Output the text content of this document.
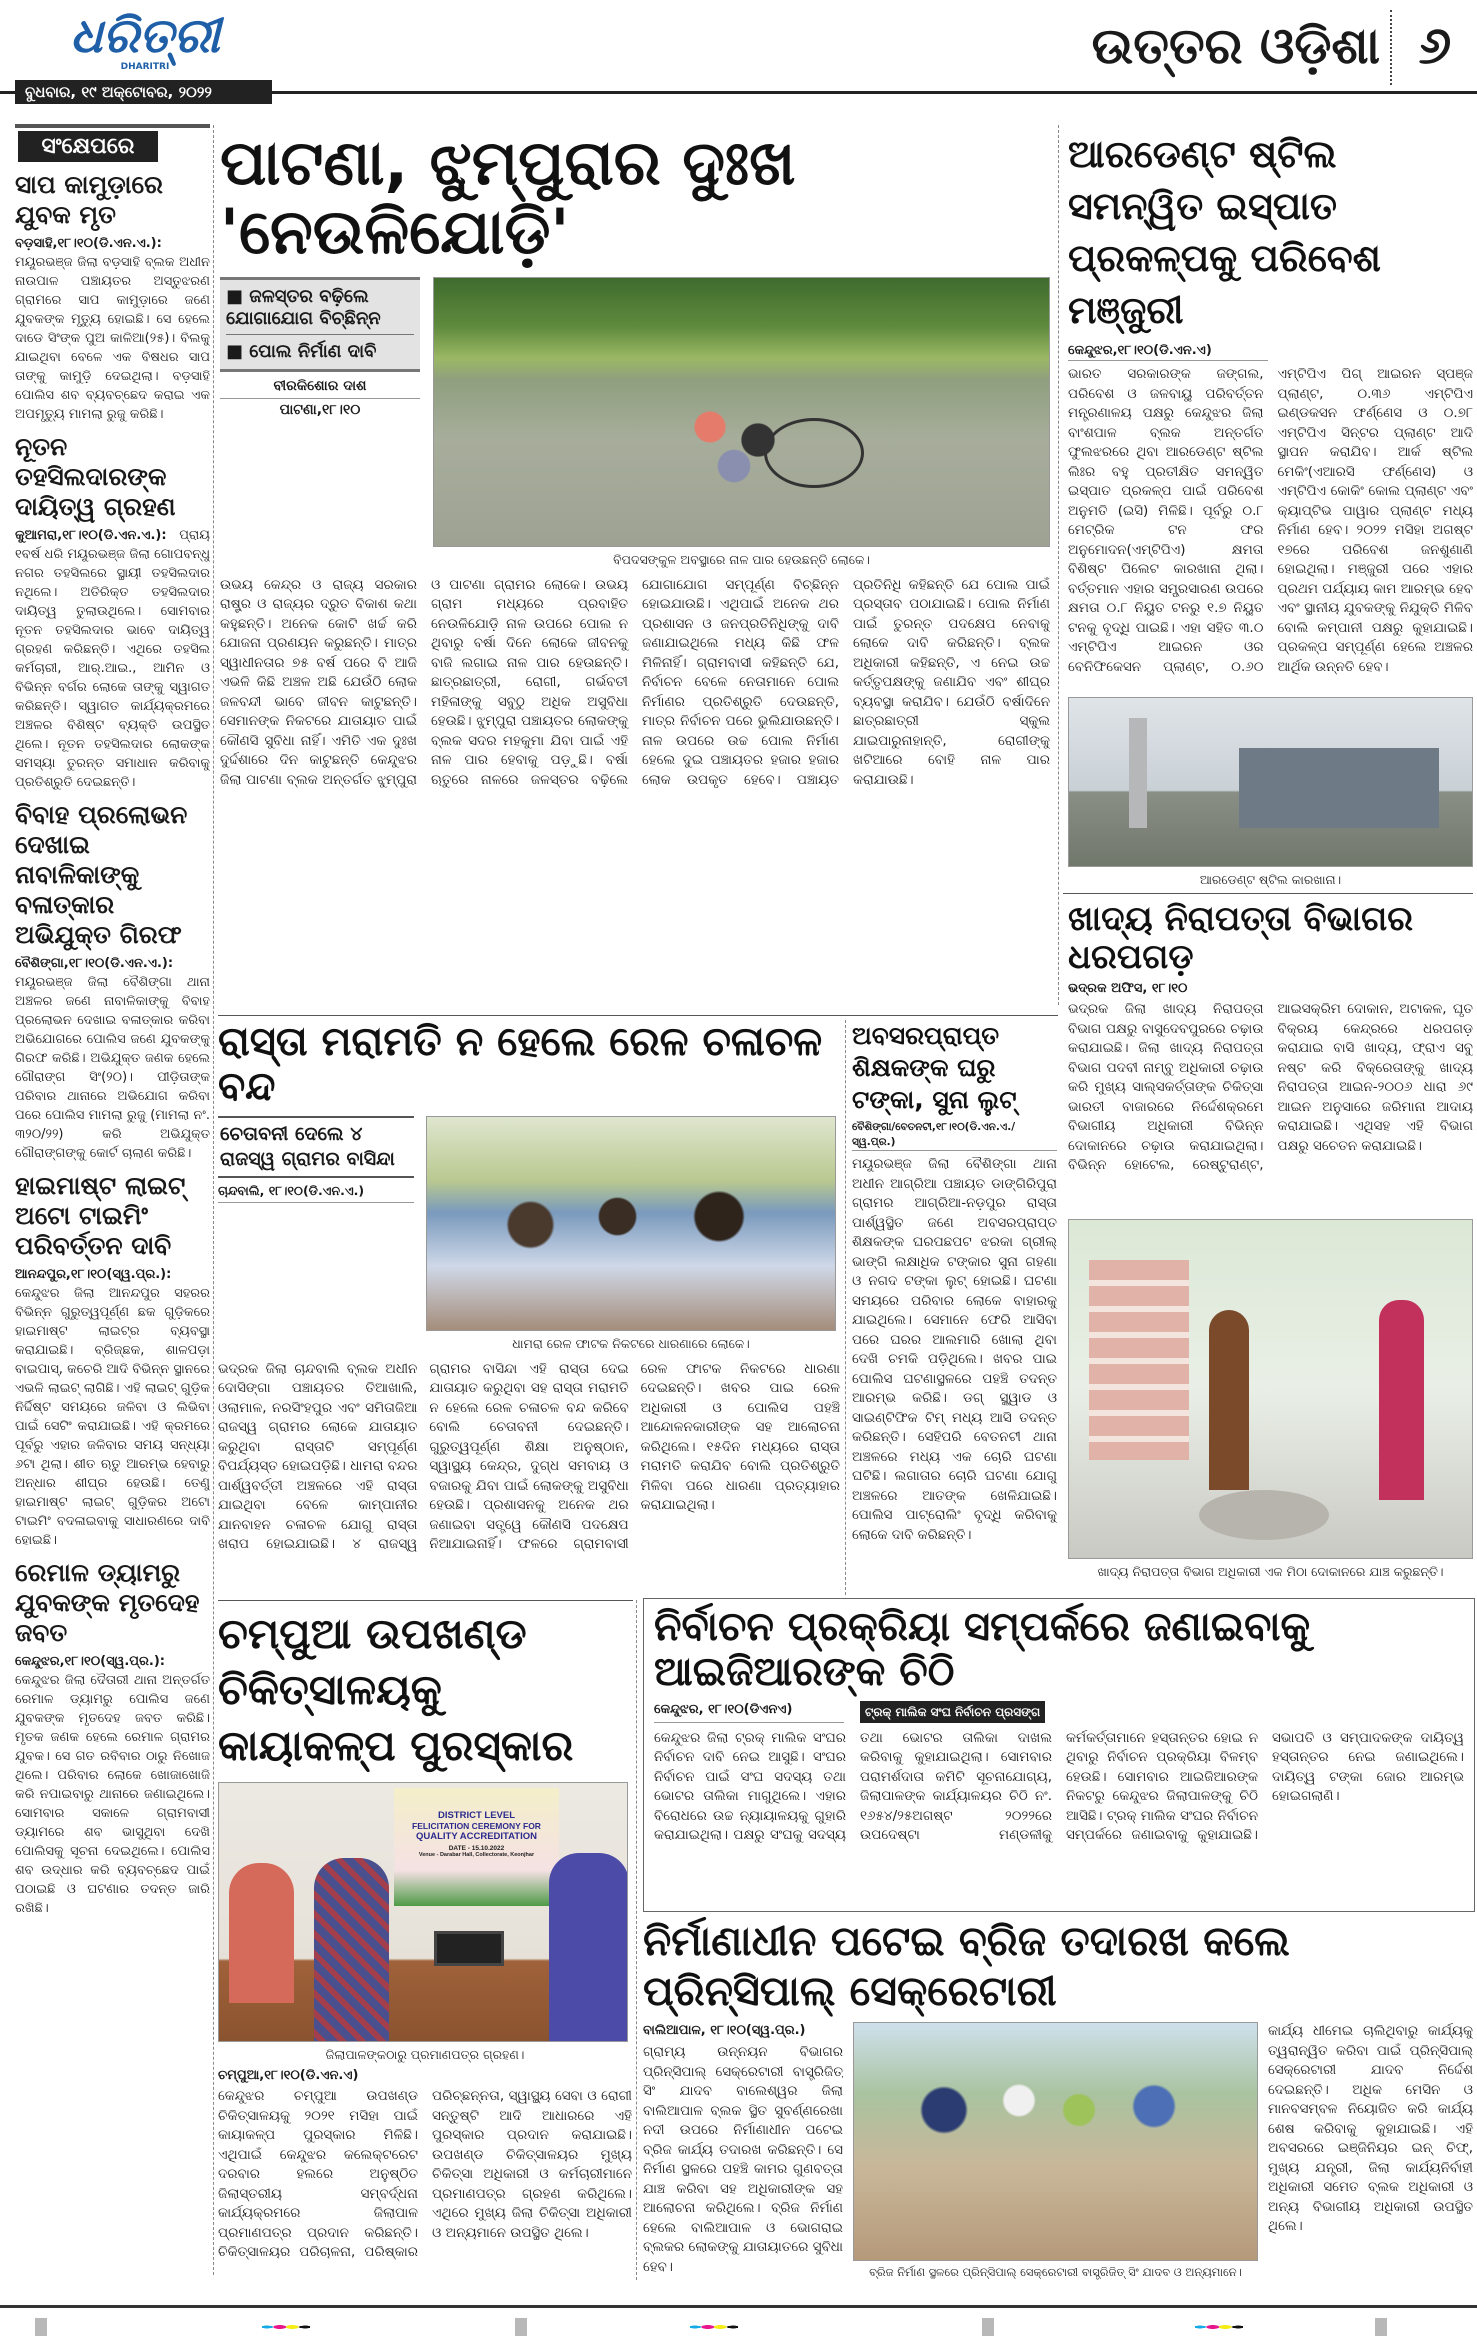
ଧରିତ୍ରୀ
DHARITRI
ବୁଧବାର, ୧୯ ଅକ୍ଟୋବର, ୨୦୨୨
ଉତ୍ତର ଓଡ଼ିଶା ୬
ସଂକ୍ଷେପରେ
ସାପ କାମୁଡ଼ାରେ ଯୁବକ ମୃତ

ବଡ଼ସାହି,୧୮।୧୦(ଡି.ଏନ.ଏ.): ମୟୂରଭଞ୍ଜ ଜିଲା ବଡ଼ସାହି ବ୍ଲକ ଅଧୀନ ନାଉପାଳ ପଞ୍ଚାୟତର ଅସ୍ତୁଝରଣ ଗ୍ରାମରେ ସାପ କାମୁଡ଼ାରେ ଜଣେ ଯୁବକଙ୍କ ମୃତ୍ୟୁ ହୋଇଛି। ସେ ହେଲେ ଦାଡେ ସିଂଙ୍କ ପୁଅ କାଳିଆ(୨୫)। ବିଲକୁ ଯାଇଥିବା ବେଳେ ଏକ ବିଷଧର ସାପ ତାଙ୍କୁ କାମୁଡ଼ି ଦେଇଥିଲା। ବଡ଼ସାହି ପୋଲିସ ଶବ ବ୍ୟବଚ୍ଛେଦ କରାଇ ଏକ ଅପମୃତ୍ୟୁ ମାମଲା ରୁଜୁ କରିଛି।

ନୂତନ ତହସିଲଦାରଙ୍କ ଦାୟିତ୍ୱ ଗ୍ରହଣ

କୁଆମରା,୧୮।୧୦(ଡି.ଏନ.ଏ.): ପ୍ରାୟ ୧ବର୍ଷ ଧରି ମୟୂରଭଞ୍ଜ ଜିଲା ଗୋପବନ୍ଧୁ ନଗର ତହସିଲରେ ସ୍ଥାୟୀ ତହସିଲଦାର ନଥିଲେ। ଅତିରିକ୍ତ ତହସିଲଦାର ଦାୟିତ୍ୱ ତୁଲାଉଥିଲେ। ସୋମବାର ନୂତନ ତହସିଲଦାର ଭାବେ ଦାୟିତ୍ୱ ଗ୍ରହଣ କରିଛନ୍ତି। ଏଥିରେ ତହସିଲ କର୍ମଚାରୀ, ଆର୍.ଆଇ., ଆମିନ ଓ ବିଭିନ୍ନ ବର୍ଗର ଲୋକେ ତାଙ୍କୁ ସ୍ୱାଗତ କରିଛନ୍ତି। ସ୍ୱାଗତ କାର୍ଯ୍ୟକ୍ରମରେ ଅଞ୍ଚଳର ବିଶିଷ୍ଟ ବ୍ୟକ୍ତି ଉପସ୍ଥିତ ଥିଲେ। ନୂତନ ତହସିଲଦାର ଲୋକଙ୍କ ସମସ୍ୟା ତୁରନ୍ତ ସମାଧାନ କରିବାକୁ ପ୍ରତିଶ୍ରୁତି ଦେଇଛନ୍ତି।

ବିବାହ ପ୍ରଲୋଭନ ଦେଖାଇ ନାବାଳିକାଙ୍କୁ ବଳାତ୍କାର ଅଭିଯୁକ୍ତ ଗିରଫ

ବୈଶିଙ୍ଗା,୧୮।୧୦(ଡି.ଏନ.ଏ.): ମୟୂରଭଞ୍ଜ ଜିଲା ବୈଶିଙ୍ଗା ଥାନା ଅଞ୍ଚଳର ଜଣେ ନାବାଳିକାଙ୍କୁ ବିବାହ ପ୍ରଲୋଭନ ଦେଖାଇ ବଳାତ୍କାର କରିବା ଅଭିଯୋଗରେ ପୋଲିସ ଜଣେ ଯୁବକଙ୍କୁ ଗିରଫ କରିଛି। ଅଭିଯୁକ୍ତ ଜଣକ ହେଲେ ଗୌରାଙ୍ଗ ସିଂ(୨୦)। ପୀଡ଼ିତାଙ୍କ ପରିବାର ଥାନାରେ ଅଭିଯୋଗ କରିବା ପରେ ପୋଲିସ ମାମଲା ରୁଜୁ (ମାମଲା ନଂ. ୩୨୦/୨୨) କରି ଅଭିଯୁକ୍ତ ଗୌରାଙ୍ଗଙ୍କୁ କୋର୍ଟ ଚାଲାଣ କରିଛି।

ହାଇମାଷ୍ଟ ଲାଇଟ୍ ଅଟୋ ଟାଇମିଂ ପରିବର୍ତ୍ତନ ଦାବି

ଆନନ୍ଦପୁର,୧୮।୧୦(ସ୍ୱ.ପ୍ର.): କେନ୍ଦୁଝର ଜିଲା ଆନନ୍ଦପୁର ସହରର ବିଭିନ୍ନ ଗୁରୁତ୍ୱପୂର୍ଣ୍ଣ ଛକ ଗୁଡ଼ିକରେ ହାଇମାଷ୍ଟ ଲାଇଟ୍‌ର ବ୍ୟବସ୍ଥା କରାଯାଇଛି। ବ୍ରିଜ୍‌ଛକ, ଶାଳପଡ଼ା ବାଇପାସ୍, କଚେରି ଆଦି ବିଭିନ୍ନ ସ୍ଥାନରେ ଏଭଳି ଲାଇଟ୍ ଲାଗିଛି। ଏହି ଲାଇଟ୍ ଗୁଡ଼ିକ ନିର୍ଦ୍ଦିଷ୍ଟ ସମୟରେ ଜଳିବା ଓ ଲିଭିବା ପାଇଁ ସେଟିଂ କରାଯାଇଛି। ଏହି କ୍ରମରେ ପୂର୍ବରୁ ଏହାର ଜଳିବାର ସମୟ ସନ୍ଧ୍ୟା ୬ଟା ଥିଲା। ଶୀତ ଋତୁ ଆରମ୍ଭ ହେବାରୁ ଅନ୍ଧାର ଶୀଘ୍ର ହେଉଛି। ତେଣୁ ହାଇମାଷ୍ଟ ଲାଇଟ୍ ଗୁଡ଼ିକର ଅଟୋ ଟାଇମିଂ ବଦଳାଇବାକୁ ସାଧାରଣରେ ଦାବି ହୋଇଛି।

ରେମାଳ ଡ୍ୟାମରୁ ଯୁବକଙ୍କ ମୃତଦେହ ଜବତ

କେନ୍ଦୁଝର,୧୮।୧୦(ସ୍ୱ.ପ୍ର.): କେନ୍ଦୁଝର ଜିଲା ଦୈତାରୀ ଥାନା ଅନ୍ତର୍ଗତ ରେମାଳ ଡ୍ୟାମରୁ ପୋଲିସ ଜଣେ ଯୁବକଙ୍କ ମୃତଦେହ ଜବତ କରିଛି। ମୃତକ ଜଣକ ହେଲେ ରେମାଳ ଗ୍ରାମର ଯୁବକ। ସେ ଗତ ରବିବାର ଠାରୁ ନିଖୋଜ ଥିଲେ। ପରିବାର ଲୋକେ ଖୋଜାଖୋଜି କରି ନପାଇବାରୁ ଥାନାରେ ଜଣାଇଥିଲେ। ସୋମବାର ସକାଳେ ଗ୍ରାମବାସୀ ଡ୍ୟାମରେ ଶବ ଭାସୁଥିବା ଦେଖି ପୋଲିସକୁ ସୂଚନା ଦେଇଥିଲେ। ପୋଲିସ ଶବ ଉଦ୍ଧାର କରି ବ୍ୟବଚ୍ଛେଦ ପାଇଁ ପଠାଇଛି ଓ ଘଟଣାର ତଦନ୍ତ ଜାରି ରଖିଛି।

ପାଟଣା, ଝୁମ୍ପୁରାର ଦୁଃଖ 'ନେଉଳିଯୋଡ଼ି'
■ ଜଳସ୍ତର ବଢ଼ିଲେ ଯୋଗାଯୋଗ ବିଚ୍ଛିନ୍ନ
■ ପୋଲ ନିର୍ମାଣ ଦାବି
ବୀରକିଶୋର ଦାଶ
ପାଟଣା,୧୮।୧୦
ବିପଦସଙ୍କୁଳ ଅବସ୍ଥାରେ ନାଳ ପାର ହେଉଛନ୍ତି ଲୋକେ।
ଉଭୟ କେନ୍ଦ୍ର ଓ ରାଜ୍ୟ ସରକାର ରାଷ୍ଟ୍ର ଓ ରାଜ୍ୟର ଦ୍ରୁତ ବିକାଶ କଥା କହୁଛନ୍ତି। ଅନେକ କୋଟି ଖର୍ଚ୍ଚ କରି ଯୋଜନା ପ୍ରଣୟନ କରୁଛନ୍ତି। ମାତ୍ର ସ୍ୱାଧୀନତାର ୭୫ ବର୍ଷ ପରେ ବି ଆଜି ଏଭଳି କିଛି ଅଞ୍ଚଳ ଅଛି ଯେଉଁଠି ଲୋକ ଜଳବନ୍ଦୀ ଭାବେ ଜୀବନ କାଟୁଛନ୍ତି। ସେମାନଙ୍କ ନିକଟରେ ଯାତାୟାତ ପାଇଁ କୌଣସି ସୁବିଧା ନାହିଁ। ଏମିତି ଏକ ଦୁଃଖ ଦୁର୍ଦ୍ଦଶାରେ ଦିନ କାଟୁଛନ୍ତି କେନ୍ଦୁଝର ଜିଲା ପାଟଣା ବ୍ଲକ ଅନ୍ତର୍ଗତ ଝୁମ୍ପୁରା ଓ ପାଟଣା ଗ୍ରାମର ଲୋକେ। ଉଭୟ ଗ୍ରାମ ମଧ୍ୟରେ ପ୍ରବାହିତ ନେଉଳିଯୋଡ଼ି ନାଳ ଉପରେ ପୋଲ ନ ଥିବାରୁ ବର୍ଷା ଦିନେ ଲୋକେ ଜୀବନକୁ ବାଜି ଲଗାଇ ନାଳ ପାର ହେଉଛନ୍ତି। ଛାତ୍ରଛାତ୍ରୀ, ରୋଗୀ, ଗର୍ଭବତୀ ମହିଳାଙ୍କୁ ସବୁଠୁ ଅଧିକ ଅସୁବିଧା ହେଉଛି। ଝୁମ୍ପୁରା ପଞ୍ଚାୟତର ଲୋକଙ୍କୁ ବ୍ଲକ ସଦର ମହକୁମା ଯିବା ପାଇଁ ଏହି ନାଳ ପାର ହେବାକୁ ପଡ଼ୁଛି। ବର୍ଷା ଋତୁରେ ନାଳରେ ଜଳସ୍ତର ବଢ଼ିଲେ ଯୋଗାଯୋଗ ସମ୍ପୂର୍ଣ୍ଣ ବିଚ୍ଛିନ୍ନ ହୋଇଯାଉଛି। ଏଥିପାଇଁ ଅନେକ ଥର ପ୍ରଶାସନ ଓ ଜନପ୍ରତିନିଧିଙ୍କୁ ଦାବି ଜଣାଯାଇଥିଲେ ମଧ୍ୟ କିଛି ଫଳ ମିଳିନାହିଁ। ଗ୍ରାମବାସୀ କହିଛନ୍ତି ଯେ, ନିର୍ବାଚନ ବେଳେ ନେତାମାନେ ପୋଲ ନିର୍ମାଣର ପ୍ରତିଶ୍ରୁତି ଦେଉଛନ୍ତି, ମାତ୍ର ନିର୍ବାଚନ ପରେ ଭୁଲିଯାଉଛନ୍ତି। ନାଳ ଉପରେ ଉଚ୍ଚ ପୋଲ ନିର୍ମାଣ ହେଲେ ଦୁଇ ପଞ୍ଚାୟତର ହଜାର ହଜାର ଲୋକ ଉପକୃତ ହେବେ। ପଞ୍ଚାୟତ ପ୍ରତିନିଧି କହିଛନ୍ତି ଯେ ପୋଲ ପାଇଁ ପ୍ରସ୍ତାବ ପଠାଯାଇଛି। ପୋଲ ନିର୍ମାଣ ପାଇଁ ତୁରନ୍ତ ପଦକ୍ଷେପ ନେବାକୁ ଲୋକେ ଦାବି କରିଛନ୍ତି। ବ୍ଲକ ଅଧିକାରୀ କହିଛନ୍ତି, ଏ ନେଇ ଉଚ୍ଚ କର୍ତ୍ତୃପକ୍ଷଙ୍କୁ ଜଣାଯିବ ଏବଂ ଶୀଘ୍ର ବ୍ୟବସ୍ଥା କରାଯିବ। ଯେଉଁଠି ବର୍ଷାଦିନେ ଛାତ୍ରଛାତ୍ରୀ ସ୍କୁଲ ଯାଇପାରୁନାହାନ୍ତି, ରୋଗୀଙ୍କୁ ଖଟିଆରେ ବୋହି ନାଳ ପାର କରାଯାଉଛି।
ଆରଡେଣ୍ଟ ଷ୍ଟିଲ ସମନ୍ୱିତ ଇସ୍ପାତ ପ୍ରକଳ୍ପକୁ ପରିବେଶ ମଞ୍ଜୁରୀ
କେନ୍ଦୁଝର,୧୮।୧୦(ଡି.ଏନ.ଏ)
ଭାରତ ସରକାରଙ୍କ ଜଙ୍ଗଲ, ପରିବେଶ ଓ ଜଳବାୟୁ ପରିବର୍ତ୍ତନ ମନ୍ତ୍ରଣାଳୟ ପକ୍ଷରୁ କେନ୍ଦୁଝର ଜିଲା ବାଂଶପାଳ ବ୍ଲକ ଅନ୍ତର୍ଗତ ଫୁଲଝରରେ ଥିବା ଆରଡେଣ୍ଟ ଷ୍ଟିଲ ଲିଃର ବହୁ ପ୍ରତୀକ୍ଷିତ ସମନ୍ୱିତ ଇସ୍ପାତ ପ୍ରକଳ୍ପ ପାଇଁ ପରିବେଶ ଅନୁମତି (ଇସି) ମିଳିଛି। ପୂର୍ବରୁ ୦.୮ ମେଟ୍ରିକ ଟନ ଫର ଅନୁମୋଦନ(ଏମ୍‌ଟିପିଏ) କ୍ଷମତା ବିଶିଷ୍ଟ ପିଲେଟ କାରଖାନା ଥିଲା। ବର୍ତ୍ତମାନ ଏହାର ସମ୍ପ୍ରସାରଣ ଉପରେ କ୍ଷମତା ୦.୮ ନିୟୁତ ଟନରୁ ୧.୭ ନିୟୁତ ଟନକୁ ବୃଦ୍ଧି ପାଇଛି। ଏହା ସହିତ ୩.୦ ଏମ୍‌ଟିପିଏ ଆଇରନ ଓର ବେନିଫିକେସନ ପ୍ଲାଣ୍ଟ, ୦.୬୦ ଏମ୍‌ଟିପିଏ ପିଗ୍ ଆଇରନ ସ୍ପଞ୍ଜ ପ୍ଲାଣ୍ଟ, ୦.୩୬ ଏମ୍‌ଟିପିଏ ଇଣ୍ଡକସନ ଫର୍ଣ୍ଣେସ ଓ ୦.୭୮ ଏମ୍‌ଟିପିଏ ସିନ୍ଟର ପ୍ଲାଣ୍ଟ ଆଦି ସ୍ଥାପନ କରାଯିବ। ଆର୍କ ଷ୍ଟିଲ ମେକିଂ(ଏଆରସି ଫର୍ଣ୍ଣେସ) ଓ ଏମ୍‌ଟିପିଏ କୋକିଂ କୋଲ ପ୍ଲାଣ୍ଟ ଏବଂ କ୍ୟାପ୍ଟିଭ ପାୱାର ପ୍ଲାଣ୍ଟ ମଧ୍ୟ ନିର୍ମାଣ ହେବ। ୨୦୨୨ ମସିହା ଅଗଷ୍ଟ ୧୭ରେ ପରିବେଶ ଜନଶୁଣାଣି ହୋଇଥିଲା। ମଞ୍ଜୁରୀ ପରେ ଏହାର ପ୍ରଥମ ପର୍ଯ୍ୟାୟ କାମ ଆରମ୍ଭ ହେବ ଏବଂ ସ୍ଥାନୀୟ ଯୁବକଙ୍କୁ ନିଯୁକ୍ତି ମିଳିବ ବୋଲି କମ୍ପାନୀ ପକ୍ଷରୁ କୁହାଯାଇଛି। ପ୍ରକଳ୍ପ ସମ୍ପୂର୍ଣ୍ଣ ହେଲେ ଅଞ୍ଚଳର ଆର୍ଥିକ ଉନ୍ନତି ହେବ।
ଆରଡେଣ୍ଟ ଷ୍ଟିଲ କାରଖାନା।
ଖାଦ୍ୟ ନିରାପତ୍ତା ବିଭାଗର ଧରପଗଡ଼
ଭଦ୍ରକ ଅଫିସ, ୧୮।୧୦
ଭଦ୍ରକ ଜିଲା ଖାଦ୍ୟ ନିରାପତ୍ତା ବିଭାଗ ପକ୍ଷରୁ ବାସୁଦେବପୁରରେ ଚଢ଼ାଉ କରାଯାଇଛି। ଜିଲା ଖାଦ୍ୟ ନିରାପତ୍ତା ବିଭାଗ ପଦବୀ ନାମ୍ବୁ ଅଧିକାରୀ ଚଢ଼ାଉ କରି ମୁଖ୍ୟ ସାଲ୍‌ସକର୍ତ୍ତାଙ୍କ ଚିକିତ୍ସା ଭାରତୀ ବାଜାରରେ ନିର୍ଦ୍ଦେଶକ୍ରମେ ବିଭାଗୀୟ ଅଧିକାରୀ ବିଭିନ୍ନ ଦୋକାନରେ ଚଢ଼ାଉ କରାଯାଇଥିଲା। ବିଭିନ୍ନ ହୋଟେଲ, ରେଷ୍ଟୁରାଣ୍ଟ, ଆଇସକ୍ରିମ ଦୋକାନ, ଅଟାକଳ, ଘୃତ ବିକ୍ରୟ କେନ୍ଦ୍ରରେ ଧରପଗଡ଼ କରାଯାଇ ବାସି ଖାଦ୍ୟ, ଫ୍ରାଏ ସବୁ ନଷ୍ଟ କରି ବିକ୍ରେତାଙ୍କୁ ଖାଦ୍ୟ ନିରାପତ୍ତା ଆଇନ-୨୦୦୬ ଧାରା ୬୯ ଆଇନ ଅନୁସାରେ ଜରିମାନା ଆଦାୟ କରାଯାଇଛି। ଏଥିସହ ଏହି ବିଭାଗ ପକ୍ଷରୁ ସଚେତନ କରାଯାଇଛି।
ଖାଦ୍ୟ ନିରାପତ୍ତା ବିଭାଗ ଅଧିକାରୀ ଏକ ମିଠା ଦୋକାନରେ ଯାଞ୍ଚ କରୁଛନ୍ତି।
ରାସ୍ତା ମରାମତି ନ ହେଲେ ରେଳ ଚଳାଚଳ ବନ୍ଦ
ଚେତାବନୀ ଦେଲେ ୪ ରାଜସ୍ୱ ଗ୍ରାମର ବାସିନ୍ଦା
ଚାନ୍ଦବାଲି, ୧୮।୧୦(ଡି.ଏନ.ଏ.)
ଧାମରା ରେଳ ଫାଟକ ନିକଟରେ ଧାରଣାରେ ଲୋକେ।
ଭଦ୍ରକ ଜିଲା ଚାନ୍ଦବାଲି ବ୍ଲକ ଅଧୀନ ଦୋସିଙ୍ଗା ପଞ୍ଚାୟତର ତିଆଖାଲି, ଓଲାମାଳ, ନରସିଂହପୁର ଏବଂ ସମିତାଜିଆ ରାଜସ୍ୱ ଗ୍ରାମର ଲୋକେ ଯାତାୟାତ କରୁଥିବା ରାସ୍ତାଟି ସମ୍ପୂର୍ଣ୍ଣ ବିପର୍ଯ୍ୟସ୍ତ ହୋଇପଡ଼ିଛି। ଧାମରା ବନ୍ଦର ପାର୍ଶ୍ୱବର୍ତ୍ତୀ ଅଞ୍ଚଳରେ ଏହି ରାସ୍ତା ଯାଇଥିବା ବେଳେ କାମ୍ପାନୀର ଯାନବାହନ ଚଳାଚଳ ଯୋଗୁ ରାସ୍ତା ଖରାପ ହୋଇଯାଇଛି। ୪ ରାଜସ୍ୱ ଗ୍ରାମର ବାସିନ୍ଦା ଏହି ରାସ୍ତା ଦେଇ ଯାତାୟାତ କରୁଥିବା ସହ ରାସ୍ତା ମରାମତି ନ ହେଲେ ରେଳ ଚଳାଚଳ ବନ୍ଦ କରିବେ ବୋଲି ଚେତାବନୀ ଦେଇଛନ୍ତି। ଗୁରୁତ୍ୱପୂର୍ଣ୍ଣ ଶିକ୍ଷା ଅନୁଷ୍ଠାନ, ସ୍ୱାସ୍ଥ୍ୟ କେନ୍ଦ୍ର, ଦୁଗ୍ଧ ସମବାୟ ଓ ବଜାରକୁ ଯିବା ପାଇଁ ଲୋକଙ୍କୁ ଅସୁବିଧା ହେଉଛି। ପ୍ରଶାସନକୁ ଅନେକ ଥର ଜଣାଇବା ସତ୍ତ୍ୱେ କୌଣସି ପଦକ୍ଷେପ ନିଆଯାଇନାହିଁ। ଫଳରେ ଗ୍ରାମବାସୀ ରେଳ ଫାଟକ ନିକଟରେ ଧାରଣା ଦେଇଛନ୍ତି। ଖବର ପାଇ ରେଳ ଅଧିକାରୀ ଓ ପୋଲିସ ପହଞ୍ଚି ଆନ୍ଦୋଳନକାରୀଙ୍କ ସହ ଆଲୋଚନା କରିଥିଲେ। ୧୫ଦିନ ମଧ୍ୟରେ ରାସ୍ତା ମରାମତି କରାଯିବ ବୋଲି ପ୍ରତିଶ୍ରୁତି ମିଳିବା ପରେ ଧାରଣା ପ୍ରତ୍ୟାହାର କରାଯାଇଥିଲା।
ଅବସରପ୍ରାପ୍ତ ଶିକ୍ଷକଙ୍କ ଘରୁ ଟଙ୍କା, ସୁନା ଲୁଟ୍
ବୈଶିଙ୍ଗା/ବେତନଟୀ,୧୮।୧୦(ଡି.ଏନ.ଏ./ସ୍ୱ.ପ୍ର.)
ମୟୂରଭଞ୍ଜ ଜିଲା ବୈଶିଙ୍ଗା ଥାନା ଅଧୀନ ଆଗ୍ରିଆ ପଞ୍ଚାୟତ ଡାଙ୍ଗିରିପୁରା ଗ୍ରାମର ଆଗ୍ରିଆ-ନଡ଼ପୁର ରାସ୍ତା ପାର୍ଶ୍ୱସ୍ଥିତ ଜଣେ ଅବସରପ୍ରାପ୍ତ ଶିକ୍ଷକଙ୍କ ଘରପଛପଟ ଝରକା ଗ୍ରୀଲ୍ ଭାଙ୍ଗି ଲକ୍ଷାଧିକ ଟଙ୍କାର ସୁନା ଗହଣା ଓ ନଗଦ ଟଙ୍କା ଲୁଟ୍ ହୋଇଛି। ଘଟଣା ସମୟରେ ପରିବାର ଲୋକେ ବାହାରକୁ ଯାଇଥିଲେ। ସେମାନେ ଫେରି ଆସିବା ପରେ ଘରର ଆଲମାରି ଖୋଲା ଥିବା ଦେଖି ଚମକି ପଡ଼ିଥିଲେ। ଖବର ପାଇ ପୋଲିସ ଘଟଣାସ୍ଥଳରେ ପହଞ୍ଚି ତଦନ୍ତ ଆରମ୍ଭ କରିଛି। ଡଗ୍ ସ୍କ୍ୱାଡ ଓ ସାଇଣ୍ଟିଫିକ ଟିମ୍ ମଧ୍ୟ ଆସି ତଦନ୍ତ କରିଛନ୍ତି। ସେହିପରି ବେତନଟୀ ଥାନା ଅଞ୍ଚଳରେ ମଧ୍ୟ ଏକ ଚୋରି ଘଟଣା ଘଟିଛି। ଲଗାତାର ଚୋରି ଘଟଣା ଯୋଗୁ ଅଞ୍ଚଳରେ ଆତଙ୍କ ଖେଳିଯାଇଛି। ପୋଲିସ ପାଟ୍ରୋଲିଂ ବୃଦ୍ଧି କରିବାକୁ ଲୋକେ ଦାବି କରିଛନ୍ତି।
ଚମ୍ପୁଆ ଉପଖଣ୍ଡ ଚିକିତ୍ସାଳୟକୁ କାୟାକଳ୍ପ ପୁରସ୍କାର
DISTRICT LEVEL
FELICITATION CEREMONY FOR
QUALITY ACCREDITATION
DATE - 15.10.2022
Venue - Darabar Hall, Collectorate, Keonjhar
ଜିଲାପାଳଙ୍କଠାରୁ ପ୍ରମାଣପତ୍ର ଗ୍ରହଣ।
ଚମ୍ପୁଆ,୧୮।୧୦(ଡି.ଏନ.ଏ)
କେନ୍ଦୁଝର ଚମ୍ପୁଆ ଉପଖଣ୍ଡ ଚିକିତ୍ସାଳୟକୁ ୨୦୨୧ ମସିହା ପାଇଁ କାୟାକଳ୍ପ ପୁରସ୍କାର ମିଳିଛି। ଏଥିପାଇଁ କେନ୍ଦୁଝର କଲେକ୍ଟରେଟ ଦରବାର ହଲରେ ଅନୁଷ୍ଠିତ ଜିଲାସ୍ତରୀୟ ସମ୍ବର୍ଦ୍ଧନା କାର୍ଯ୍ୟକ୍ରମରେ ଜିଲାପାଳ ପ୍ରମାଣପତ୍ର ପ୍ରଦାନ କରିଛନ୍ତି। ଚିକିତ୍ସାଳୟର ପରିଚାଳନା, ପରିଷ୍କାର ପରିଚ୍ଛନ୍ନତା, ସ୍ୱାସ୍ଥ୍ୟ ସେବା ଓ ରୋଗୀ ସନ୍ତୁଷ୍ଟି ଆଦି ଆଧାରରେ ଏହି ପୁରସ୍କାର ପ୍ରଦାନ କରାଯାଇଛି। ଉପଖଣ୍ଡ ଚିକିତ୍ସାଳୟର ମୁଖ୍ୟ ଚିକିତ୍ସା ଅଧିକାରୀ ଓ କର୍ମଚାରୀମାନେ ପ୍ରମାଣପତ୍ର ଗ୍ରହଣ କରିଥିଲେ। ଏଥିରେ ମୁଖ୍ୟ ଜିଲା ଚିକିତ୍ସା ଅଧିକାରୀ ଓ ଅନ୍ୟମାନେ ଉପସ୍ଥିତ ଥିଲେ।
ନିର୍ବାଚନ ପ୍ରକ୍ରିୟା ସମ୍ପର୍କରେ ଜଣାଇବାକୁ ଆଇଜିଆରଙ୍କ ଚିଠି
କେନ୍ଦୁଝର, ୧୮।୧୦(ଡିଏନଏ)	ଟ୍ରକ୍ ମାଲିକ ସଂଘ ନିର୍ବାଚନ ପ୍ରସଙ୍ଗ
କେନ୍ଦୁଝର ଜିଲା ଟ୍ରକ୍ ମାଲିକ ସଂଘର ନିର୍ବାଚନ ଦାବି ନେଇ ଆସୁଛି। ସଂଘର ନିର୍ବାଚନ ପାଇଁ ସଂଘ ସଦସ୍ୟ ତଥା ଭୋଟର ତାଲିକା ମାଗୁଥିଲେ। ଏହାର ବିରୋଧରେ ଉଚ୍ଚ ନ୍ୟାୟାଳୟକୁ ଗୁହାରି କରାଯାଇଥିଲା। ପକ୍ଷରୁ ସଂଘକୁ ସଦସ୍ୟ ତଥା ଭୋଟର ତାଲିକା ଦାଖଲ କରିବାକୁ କୁହାଯାଇଥିଲା। ସୋମବାର ପରାମର୍ଶଦାତା କମିଟି ସୂଚନାଯୋଗ୍ୟ, ଜିଲାପାଳଙ୍କ କାର୍ଯ୍ୟାଳୟର ଚିଠି ନଂ. ୧୬୫୪/୨୫ଅଗଷ୍ଟ ୨୦୨୨ରେ ଉପଦେଷ୍ଟା ମଣ୍ଡଳୀକୁ କର୍ମକର୍ତ୍ତାମାନେ ହସ୍ତାନ୍ତର ହୋଇ ନ ଥିବାରୁ ନିର୍ବାଚନ ପ୍ରକ୍ରିୟା ବିଳମ୍ବ ହେଉଛି। ସୋମବାର ଆଇଜିଆରଙ୍କ ନିକଟରୁ କେନ୍ଦୁଝର ଜିଲାପାଳଙ୍କୁ ଚିଠି ଆସିଛି। ଟ୍ରକ୍ ମାଲିକ ସଂଘର ନିର୍ବାଚନ ସମ୍ପର୍କରେ ଜଣାଇବାକୁ କୁହାଯାଇଛି। ସଭାପତି ଓ ସମ୍ପାଦକଙ୍କ ଦାୟିତ୍ୱ ହସ୍ତାନ୍ତର ନେଇ ଜଣାଇଥିଲେ। ଦାୟିତ୍ୱ ଟଙ୍କା ଜୋର ଆରମ୍ଭ ହୋଇଗଲାଣି।
ନିର୍ମାଣାଧୀନ ପଟେଇ ବ୍ରିଜ ତଦାରଖ କଲେ ପ୍ରିନ୍ସିପାଲ୍ ସେକ୍ରେଟାରୀ
ବାଲିଆପାଳ, ୧୮।୧୦(ସ୍ୱ.ପ୍ର.)
ଗ୍ରାମ୍ୟ ଉନ୍ନୟନ ବିଭାଗର ପ୍ରିନ୍ସିପାଲ୍ ସେକ୍ରେଟାରୀ ବାସ୍ତ୍ରିଜିତ୍ ସିଂ ଯାଦବ ବାଲେଶ୍ୱର ଜିଲା ବାଲିଆପାଳ ବ୍ଲକ ସ୍ଥିତ ସୁବର୍ଣ୍ଣରେଖା ନଦୀ ଉପରେ ନିର୍ମାଣାଧୀନ ପଟେଇ ବ୍ରିଜ କାର୍ଯ୍ୟ ତଦାରଖ କରିଛନ୍ତି। ସେ ନିର୍ମାଣ ସ୍ଥଳରେ ପହଞ୍ଚି କାମର ଗୁଣବତ୍ତା ଯାଞ୍ଚ କରିବା ସହ ଅଧିକାରୀଙ୍କ ସହ ଆଲୋଚନା କରିଥିଲେ। ବ୍ରିଜ ନିର୍ମାଣ ହେଲେ ବାଲିଆପାଳ ଓ ଭୋଗରାଇ ବ୍ଲକର ଲୋକଙ୍କୁ ଯାତାୟାତରେ ସୁବିଧା ହେବ।	ବ୍ରିଜ ନିର୍ମାଣ ସ୍ଥଳରେ ପ୍ରିନ୍ସିପାଲ୍ ସେକ୍ରେଟାରୀ ବାସ୍ତ୍ରିଜିତ୍ ସିଂ ଯାଦବ ଓ ଅନ୍ୟମାନେ।
କାର୍ଯ୍ୟ ଧୀମେଇ ଚାଲିଥିବାରୁ କାର୍ଯ୍ୟକୁ ତ୍ୱରାନ୍ୱିତ କରିବା ପାଇଁ ପ୍ରିନ୍ସିପାଲ୍ ସେକ୍ରେଟାରୀ ଯାଦବ ନିର୍ଦ୍ଦେଶ ଦେଇଛନ୍ତି। ଅଧିକ ମେସିନ ଓ ମାନବସମ୍ବଳ ନିୟୋଜିତ କରି କାର୍ଯ୍ୟ ଶେଷ କରିବାକୁ କୁହାଯାଇଛି। ଏହି ଅବସରରେ ଇଞ୍ଜିନିୟର ଇନ୍ ଚିଫ୍, ମୁଖ୍ୟ ଯନ୍ତ୍ରୀ, ଜିଲା କାର୍ଯ୍ୟନିର୍ବାହୀ ଅଧିକାରୀ ସମେତ ବ୍ଲକ ଅଧିକାରୀ ଓ ଅନ୍ୟ ବିଭାଗୀୟ ଅଧିକାରୀ ଉପସ୍ଥିତ ଥିଲେ।
